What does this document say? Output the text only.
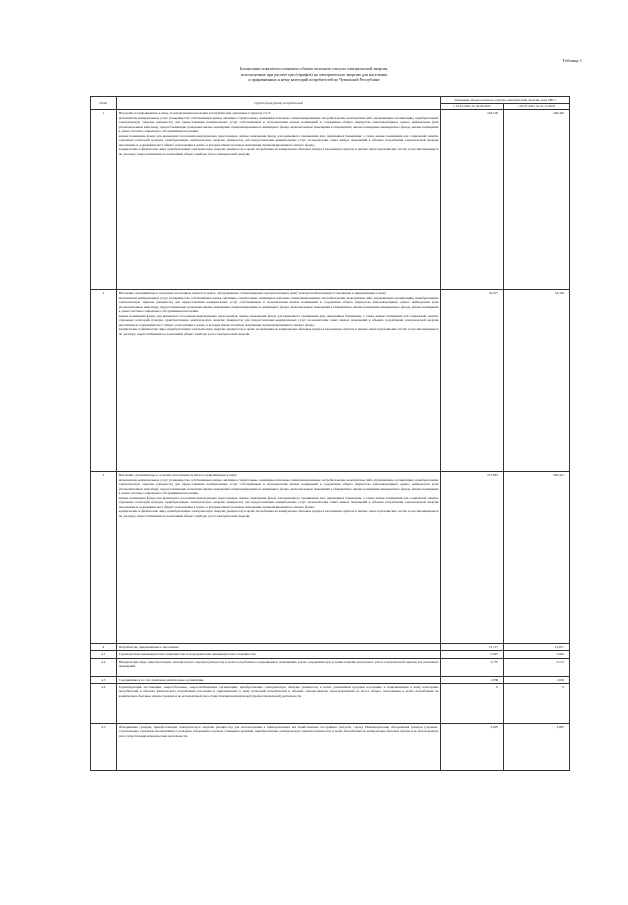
Таблица 1
Балансовые показатели планового объема полезного отпуска электрической энергии,
используемые при расчете цен (тарифов) на электрическую энергию для населения
и приравненных к нему категорий потребителей по Чувашской Республике
№п/п	Группа (подгруппа) потребителей	Плановый объем полезного отпуска электрической энергии, млн. кВт.ч	
		с 01.01.2021 по 30.06.2021	с 01.07.2021 по 31.12.2021
1	Население и приравненные к нему, за исключением населения и потребителей, указанных в пунктах 2 и 3:
исполнители коммунальных услуг (товарищества собственников жилья, жилищно-строительные, жилищные или иные специализированные потребительские кооперативы либо управляющие организации), приобретающие электрическую энергию (мощность) для предоставления коммунальных услуг собственникам и пользователям жилых помещений и содержания общего имущества многоквартирных домов; наймодатели (или уполномоченные ими лица), предоставляющие гражданам жилые помещения специализированного жилищного фонда, включая жилые помещения в общежитиях, жилые помещения маневренного фонда, жилые помещения в домах системы социального обслуживания населения,
жилые помещения фонда для временного поселения вынужденных переселенцев, жилые помещения фонда для временного проживания лиц, признанных беженцами, а также жилые помещения для социальной защиты отдельных категорий граждан, приобретающие электрическую энергию (мощность) для предоставления коммунальных услуг пользователям таких жилых помещений в объемах потребления электрической энергии населением и содержания мест общего пользования в домах, в которых имеются жилые помещения специализированного жилого фонда;
юридические и физические лица, приобретающие электрическую энергию (мощность) в целях потребления на коммунально-бытовые нужды в населенных пунктах и жилых зонах при воинских частях и рассчитывающиеся по договору энергоснабжения по показаниям общего прибора учета электрической энергии.	243,190	228,426
2	Население, проживающее в городских населенных пунктах в домах, оборудованных стационарными электроплитами и (или) электроотопительными установками, и приравненные к нему:
исполнители коммунальных услуг (товарищества собственников жилья, жилищно-строительные, жилищные или иные специализированные потребительские кооперативы либо управляющие организации), приобретающие электрическую энергию (мощность) для предоставления коммунальных услуг собственникам и пользователям жилых помещений и содержания общего имущества многоквартирных домов; наймодатели (или уполномоченные ими лица), предоставляющие гражданам жилые помещения специализированного жилищного фонда, включая жилые помещения в общежитиях, жилые помещения маневренного фонда, жилые помещения в домах системы социального обслуживания населения,
жилые помещения фонда для временного поселения вынужденных переселенцев, жилые помещения фонда для временного проживания лиц, признанных беженцами, а также жилые помещения для социальной защиты отдельных категорий граждан, приобретающие электрическую энергию (мощность) для предоставления коммунальных услуг пользователям таких жилых помещений в объемах потребления электрической энергии населением и содержания мест общего пользования в домах, в которых имеются жилые помещения специализированного жилого фонда;
юридические и физические лица, приобретающие электрическую энергию (мощность) в целях потребления на коммунально-бытовые нужды в населенных пунктах и жилых зонах при воинских частях и рассчитывающиеся по договору энергоснабжения по показаниям общего прибора учета электрической энергии.	35,977	34,350
3	Население, проживающее в сельских населенных пунктах и приравненные к нему:
исполнители коммунальных услуг (товарищества собственников жилья, жилищно-строительные, жилищные или иные специализированные потребительские кооперативы либо управляющие организации), приобретающие электрическую энергию (мощность) для предоставления коммунальных услуг собственникам и пользователям жилых помещений и содержания общего имущества многоквартирных домов; наймодатели (или уполномоченные ими лица), предоставляющие гражданам жилые помещения специализированного жилищного фонда, включая жилые помещения в общежитиях, жилые помещения маневренного фонда, жилые помещения в домах системы социального обслуживания населения,
жилые помещения фонда для временного поселения вынужденных переселенцев, жилые помещения фонда для временного проживания лиц, признанных беженцами, а также жилые помещения для социальной защиты отдельных категорий граждан, приобретающие электрическую энергию (мощность) для предоставления коммунальных услуг пользователям таких жилых помещений в объемах потребления электрической энергии населением и содержания мест общего пользования в домах, в которых имеются жилые помещения специализированного жилого фонда;
юридические и физические лица, приобретающие электрическую энергию (мощность) в целях потребления на коммунально-бытовые нужды в населенных пунктах и жилых зонах при воинских частях и рассчитывающиеся по договору энергоснабжения по показаниям общего прибора учета электрической энергии.	217,887	204,321
4	Потребители, приравненные к населению:	13,717	13,657
4.1	Садоводческие некоммерческие товарищества и огороднические некоммерческие товарищества.	5,047	5,042
4.2	Юридические лица, приобретающие электрическую энергию (мощность) в целях потребления осужденными в помещениях для их содержания при условии наличия раздельного учета электрической энергии для указанных помещений.	3,737	3,712
4.3	Содержащиеся за счет прихожан религиозные организации.	1,838	1,818
4.4	Гарантирующие поставщики, энергосбытовые, энергоснабжающие организации, приобретающие электрическую энергию (мощность) в целях дальнейшей продажи населению и приравненным к нему категориям потребителей в объемах фактического потребления населения и приравненных к нему категорий потребителей и объемах электроэнергии, израсходованной на места общего пользования в целях потребления на коммунально-бытовые нужды граждан и не используемой для осуществления коммерческой (профессиональной) деятельности.	0	0
4.5	Объединения граждан, приобретающих электрическую энергию (мощность) для использования в принадлежащих им хозяйственных постройках (погреба, сараи). Некоммерческие объединения граждан (гаражно-строительные, гаражные кооперативы) и граждане, владеющие отдельно стоящими гаражами, приобретающие электрическую энергию (мощность) в целях потребления на коммунально-бытовые нужды и не используемую для осуществления коммерческой деятельности.	3,095	3,085
